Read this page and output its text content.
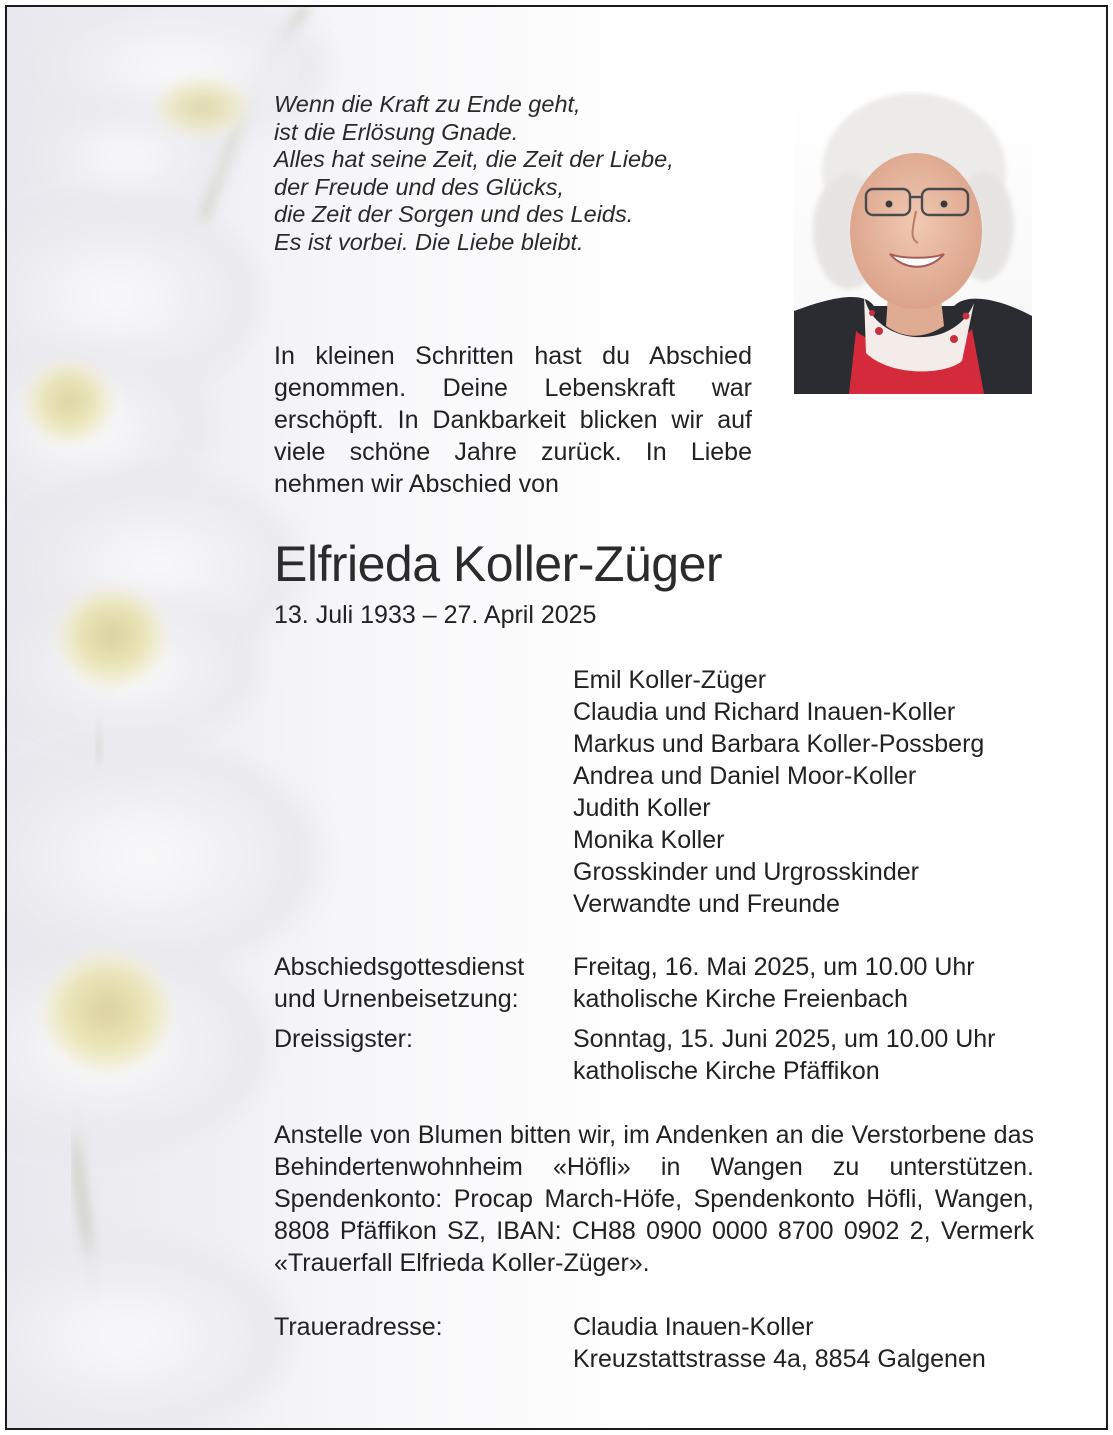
Wenn die Kraft zu Ende geht,
ist die Erlösung Gnade.
Alles hat seine Zeit, die Zeit der Liebe,
der Freude und des Glücks,
die Zeit der Sorgen und des Leids.
Es ist vorbei. Die Liebe bleibt.
In kleinen Schritten hast du Abschied genommen. Deine Lebenskraft war erschöpft. In Dankbarkeit blicken wir auf viele schöne Jahre zurück. In Liebe nehmen wir Abschied von
Elfrieda Koller-Züger
13. Juli 1933 – 27. April 2025
Emil Koller-Züger
Claudia und Richard Inauen-Koller
Markus und Barbara Koller-Possberg
Andrea und Daniel Moor-Koller
Judith Koller
Monika Koller
Grosskinder und Urgrosskinder
Verwandte und Freunde
Abschiedsgottesdienst
und Urnenbeisetzung:
Freitag, 16. Mai 2025, um 10.00 Uhr
katholische Kirche Freienbach
Dreissigster:	Sonntag, 15. Juni 2025, um 10.00 Uhr
katholische Kirche Pfäffikon
Anstelle von Blumen bitten wir, im Andenken an die Verstorbene das Behindertenwohnheim «Höfli» in Wangen zu unterstützen. Spendenkonto: Procap March-Höfe, Spendenkonto Höfli, Wangen, 8808 Pfäffikon SZ, IBAN: CH88 0900 0000 8700 0902 2, Vermerk «Trauerfall Elfrieda Koller-Züger».
Traueradresse:	Claudia Inauen-Koller
Kreuzstattstrasse 4a, 8854 Galgenen
